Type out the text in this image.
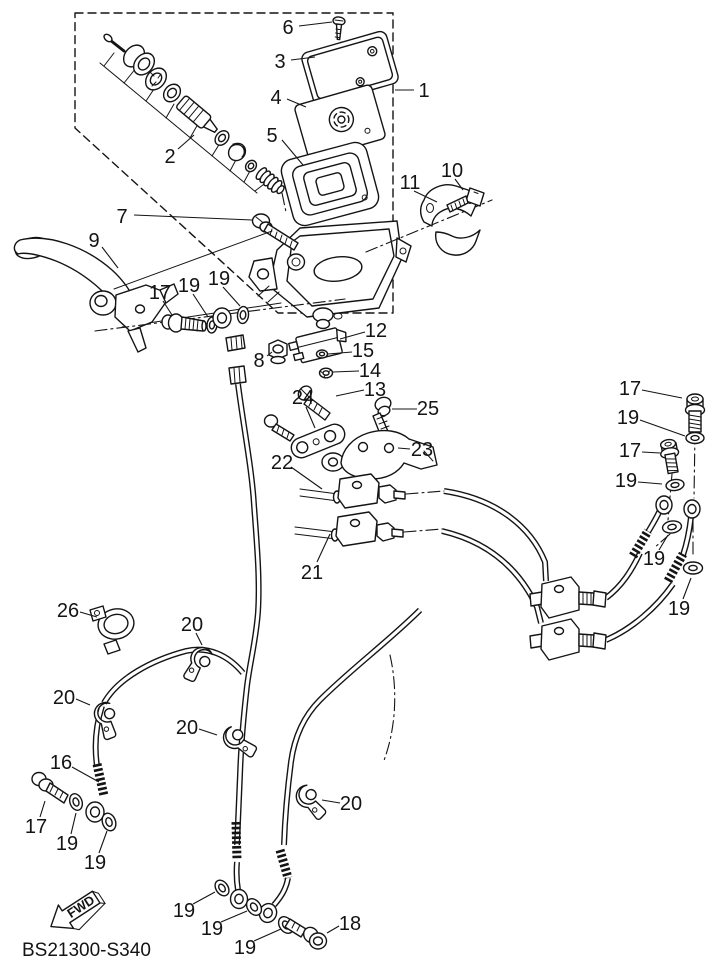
FWD
BS21300-S340
6
3
4
5
1
2
7
9
11
10
17 19 19
8
12
15
14
13
24	25
23
22
21
17
19
17
19
19
19
26
20
20
20
20
16
17
19
19
19
19
19
18
